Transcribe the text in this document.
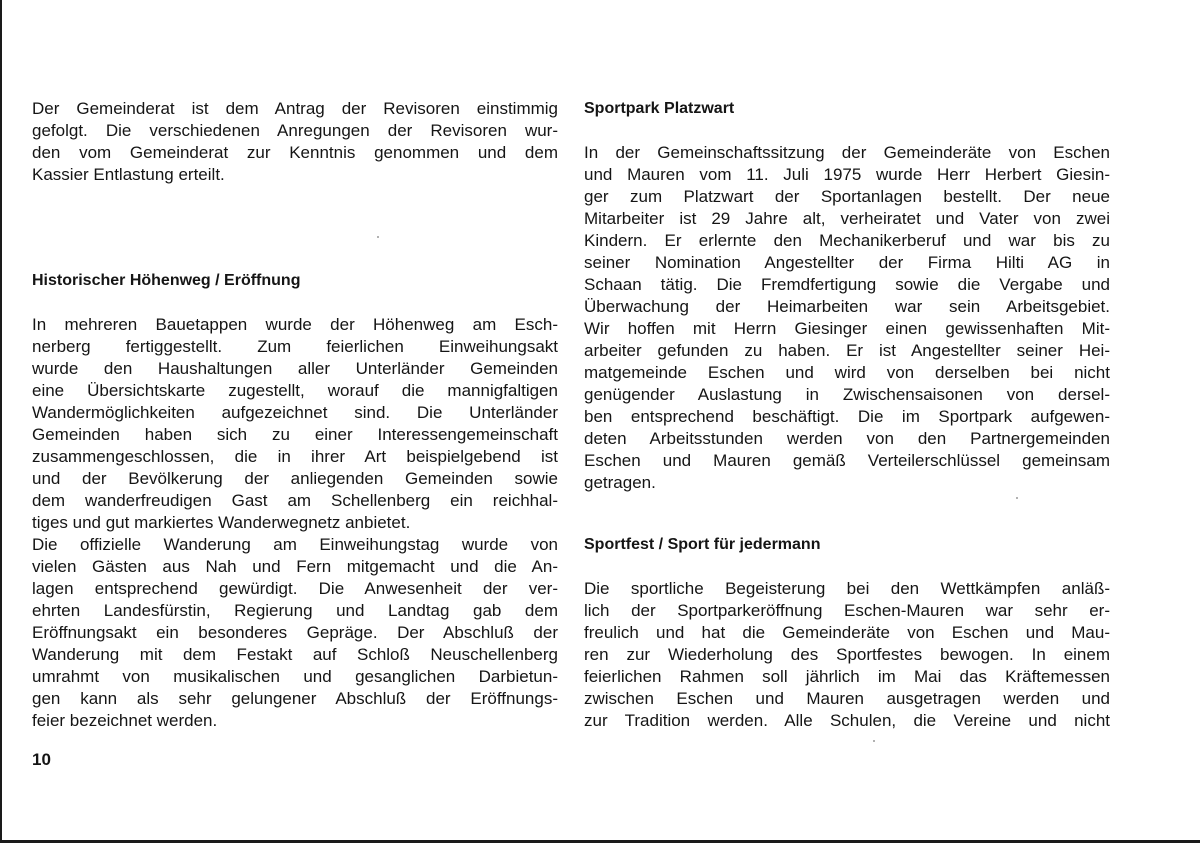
Der Gemeinderat ist dem Antrag der Revisoren einstimmig
gefolgt. Die verschiedenen Anregungen der Revisoren wur-
den vom Gemeinderat zur Kenntnis genommen und dem
Kassier Entlastung erteilt.
Historischer Höhenweg / Eröffnung
In mehreren Bauetappen wurde der Höhenweg am Esch-
nerberg fertiggestellt. Zum feierlichen Einweihungsakt
wurde den Haushaltungen aller Unterländer Gemeinden
eine Übersichtskarte zugestellt, worauf die mannigfaltigen
Wandermöglichkeiten aufgezeichnet sind. Die Unterländer
Gemeinden haben sich zu einer Interessengemeinschaft
zusammengeschlossen, die in ihrer Art beispielgebend ist
und der Bevölkerung der anliegenden Gemeinden sowie
dem wanderfreudigen Gast am Schellenberg ein reichhal-
tiges und gut markiertes Wanderwegnetz anbietet.
Die offizielle Wanderung am Einweihungstag wurde von
vielen Gästen aus Nah und Fern mitgemacht und die An-
lagen entsprechend gewürdigt. Die Anwesenheit der ver-
ehrten Landesfürstin, Regierung und Landtag gab dem
Eröffnungsakt ein besonderes Gepräge. Der Abschluß der
Wanderung mit dem Festakt auf Schloß Neuschellenberg
umrahmt von musikalischen und gesanglichen Darbietun-
gen kann als sehr gelungener Abschluß der Eröffnungs-
feier bezeichnet werden.
Sportpark Platzwart
In der Gemeinschaftssitzung der Gemeinderäte von Eschen
und Mauren vom 11. Juli 1975 wurde Herr Herbert Giesin-
ger zum Platzwart der Sportanlagen bestellt. Der neue
Mitarbeiter ist 29 Jahre alt, verheiratet und Vater von zwei
Kindern. Er erlernte den Mechanikerberuf und war bis zu
seiner Nomination Angestellter der Firma Hilti AG in
Schaan tätig. Die Fremdfertigung sowie die Vergabe und
Überwachung der Heimarbeiten war sein Arbeitsgebiet.
Wir hoffen mit Herrn Giesinger einen gewissenhaften Mit-
arbeiter gefunden zu haben. Er ist Angestellter seiner Hei-
matgemeinde Eschen und wird von derselben bei nicht
genügender Auslastung in Zwischensaisonen von dersel-
ben entsprechend beschäftigt. Die im Sportpark aufgewen-
deten Arbeitsstunden werden von den Partnergemeinden
Eschen und Mauren gemäß Verteilerschlüssel gemeinsam
getragen.
Sportfest / Sport für jedermann
Die sportliche Begeisterung bei den Wettkämpfen anläß-
lich der Sportparkeröffnung Eschen-Mauren war sehr er-
freulich und hat die Gemeinderäte von Eschen und Mau-
ren zur Wiederholung des Sportfestes bewogen. In einem
feierlichen Rahmen soll jährlich im Mai das Kräftemessen
zwischen Eschen und Mauren ausgetragen werden und
zur Tradition werden. Alle Schulen, die Vereine und nicht
10
